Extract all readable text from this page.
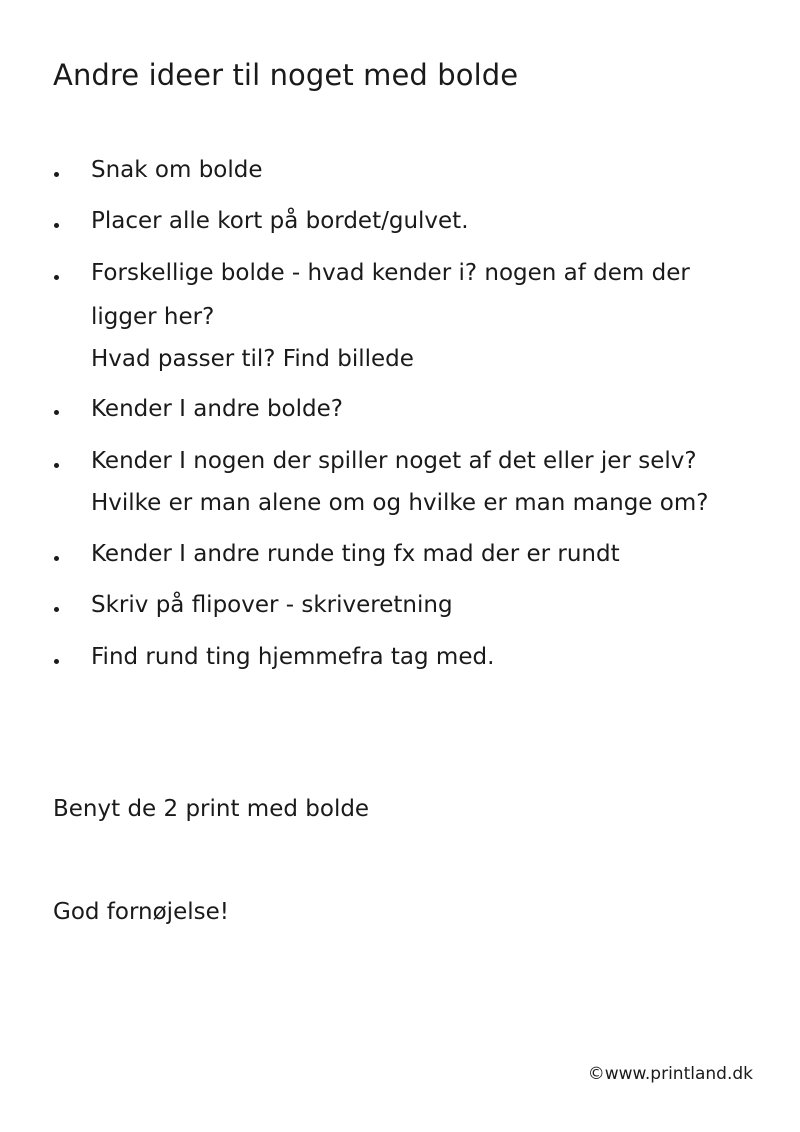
Andre ideer til noget med bolde
Snak om bolde
Placer alle kort på bordet/gulvet.
Forskellige bolde - hvad kender i? nogen af dem der
ligger her?
Hvad passer til? Find billede
Kender I andre bolde?
Kender I nogen der spiller noget af det eller jer selv?
Hvilke er man alene om og hvilke er man mange om?
Kender I andre runde ting fx mad der er rundt
Skriv på flipover - skriveretning
Find rund ting hjemmefra tag med.

Benyt de 2 print med bolde

God fornøjelse!

©www.printland.dk
